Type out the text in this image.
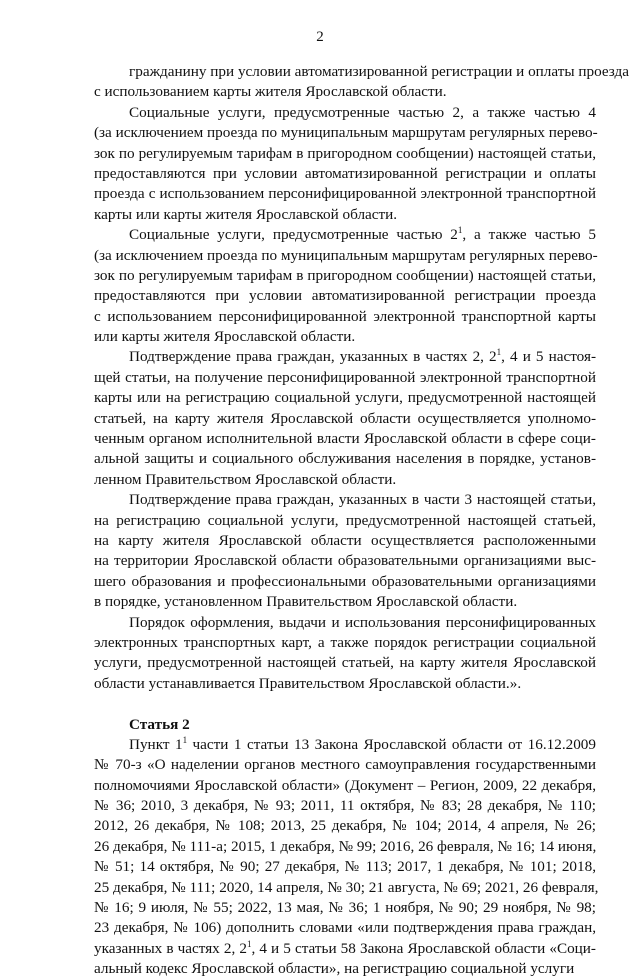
2
гражданину при условии автоматизированной регистрации и оплаты проезда
с использованием карты жителя Ярославской области.
Социальные услуги, предусмотренные частью 2, а также частью 4
(за исключением проезда по муниципальным маршрутам регулярных перево-
зок по регулируемым тарифам в пригородном сообщении) настоящей статьи,
предоставляются при условии автоматизированной регистрации и оплаты
проезда с использованием персонифицированной электронной транспортной
карты или карты жителя Ярославской области.
Социальные услуги, предусмотренные частью $2^1$, а также частью 5
(за исключением проезда по муниципальным маршрутам регулярных перево-
зок по регулируемым тарифам в пригородном сообщении) настоящей статьи,
предоставляются при условии автоматизированной регистрации проезда
с использованием персонифицированной электронной транспортной карты
или карты жителя Ярославской области.
Подтверждение права граждан, указанных в частях 2, $2^1$, 4 и 5 настоя-
щей статьи, на получение персонифицированной электронной транспортной
карты или на регистрацию социальной услуги, предусмотренной настоящей
статьей, на карту жителя Ярославской области осуществляется уполномо-
ченным органом исполнительной власти Ярославской области в сфере соци-
альной защиты и социального обслуживания населения в порядке, установ-
ленном Правительством Ярославской области.
Подтверждение права граждан, указанных в части 3 настоящей статьи,
на регистрацию социальной услуги, предусмотренной настоящей статьей,
на карту жителя Ярославской области осуществляется расположенными
на территории Ярославской области образовательными организациями выс-
шего образования и профессиональными образовательными организациями
в порядке, установленном Правительством Ярославской области.
Порядок оформления, выдачи и использования персонифицированных
электронных транспортных карт, а также порядок регистрации социальной
услуги, предусмотренной настоящей статьей, на карту жителя Ярославской
области устанавливается Правительством Ярославской области.».
Статья 2
Пункт $1^1$ части 1 статьи 13 Закона Ярославской области от 16.12.2009
№ 70-з «О наделении органов местного самоуправления государственными
полномочиями Ярославской области» (Документ – Регион, 2009, 22 декабря,
№ 36; 2010, 3 декабря, № 93; 2011, 11 октября, № 83; 28 декабря, № 110;
2012, 26 декабря, № 108; 2013, 25 декабря, № 104; 2014, 4 апреля, № 26;
26 декабря, № 111-а; 2015, 1 декабря, № 99; 2016, 26 февраля, № 16; 14 июня,
№ 51; 14 октября, № 90; 27 декабря, № 113; 2017, 1 декабря, № 101; 2018,
25 декабря, № 111; 2020, 14 апреля, № 30; 21 августа, № 69; 2021, 26 февраля,
№ 16; 9 июля, № 55; 2022, 13 мая, № 36; 1 ноября, № 90; 29 ноября, № 98;
23 декабря, № 106) дополнить словами «или подтверждения права граждан,
указанных в частях 2, $2^1$, 4 и 5 статьи 58 Закона Ярославской области «Соци-
альный кодекс Ярославской области», на регистрацию социальной услуги
